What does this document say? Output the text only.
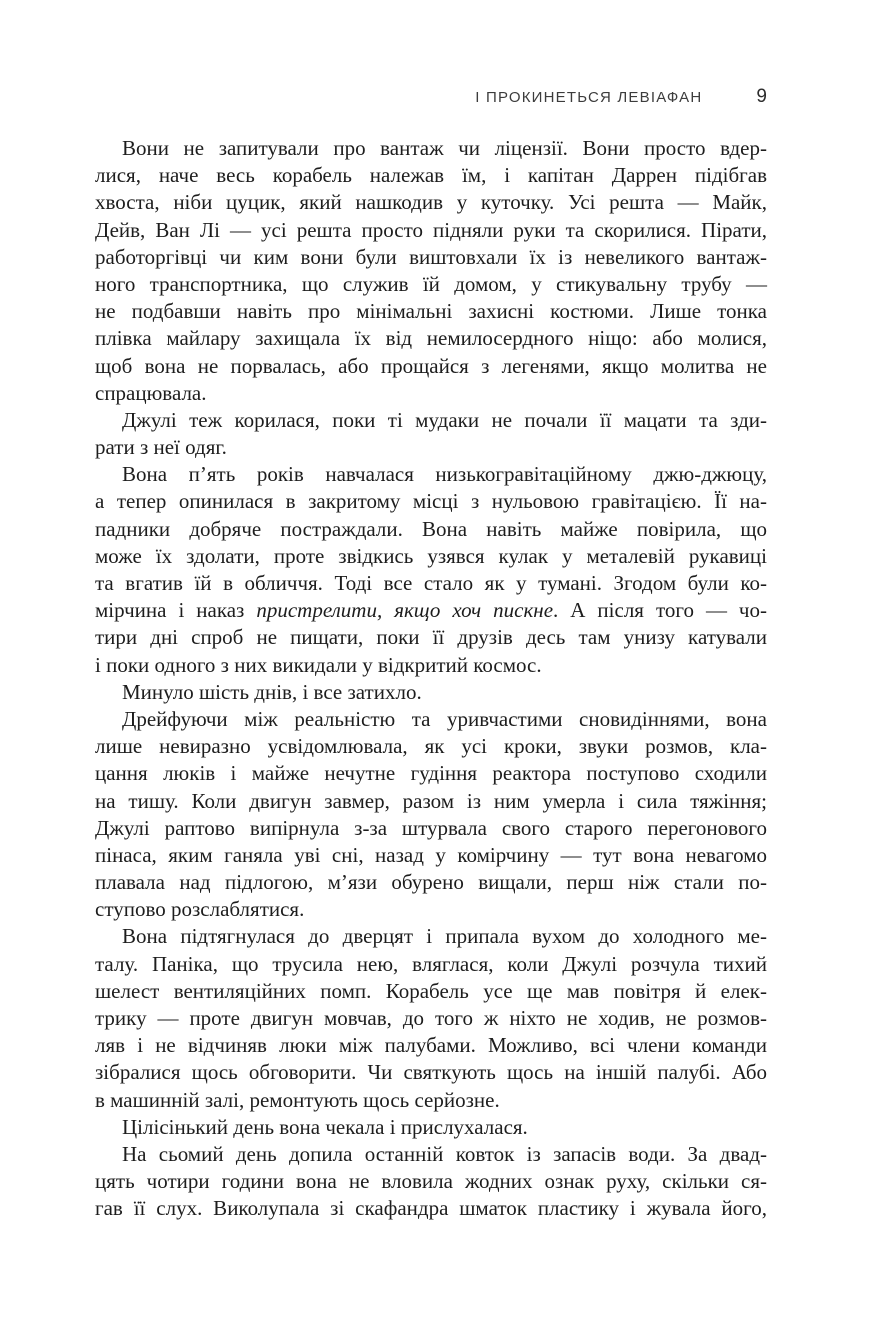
І ПРОКИНЕТЬСЯ ЛЕВІАФАН	9
Вони не запитували про вантаж чи ліцензії. Вони просто вдер-
лися, наче весь корабель належав їм, і капітан Даррен підібгав
хвоста, ніби цуцик, який нашкодив у куточку. Усі решта — Майк,
Дейв, Ван Лі — усі решта просто підняли руки та скорилися. Пірати,
работоргівці чи ким вони були виштовхали їх із невеликого вантаж-
ного транспортника, що служив їй домом, у стикувальну трубу —
не подбавши навіть про мінімальні захисні костюми. Лише тонка
плівка майлару захищала їх від немилосердного ніщо: або молися,
щоб вона не порвалась, або прощайся з легенями, якщо молитва не
спрацювала.
Джулі теж корилася, поки ті мудаки не почали її мацати та зди-
рати з неї одяг.
Вона п’ять років навчалася низькогравітаційному джю-джюцу,
а тепер опинилася в закритому місці з нульовою гравітацією. Її на-
падники добряче постраждали. Вона навіть майже повірила, що
може їх здолати, проте звідкись узявся кулак у металевій рукавиці
та вгатив їй в обличчя. Тоді все стало як у тумані. Згодом були ко-
мірчина і наказ пристрелити, якщо хоч пискне. А після того — чо-
тири дні спроб не пищати, поки її друзів десь там унизу катували
і поки одного з них викидали у відкритий космос.
Минуло шість днів, і все затихло.
Дрейфуючи між реальністю та уривчастими сновидіннями, вона
лише невиразно усвідомлювала, як усі кроки, звуки розмов, кла-
цання люків і майже нечутне гудіння реактора поступово сходили
на тишу. Коли двигун завмер, разом із ним умерла і сила тяжіння;
Джулі раптово випірнула з-за штурвала свого старого перегонового
пінаса, яким ганяла уві сні, назад у комірчину — тут вона невагомо
плавала над підлогою, м’язи обурено вищали, перш ніж стали по-
ступово розслаблятися.
Вона підтягнулася до дверцят і припала вухом до холодного ме-
талу. Паніка, що трусила нею, вляглася, коли Джулі розчула тихий
шелест вентиляційних помп. Корабель усе ще мав повітря й елек-
трику — проте двигун мовчав, до того ж ніхто не ходив, не розмов-
ляв і не відчиняв люки між палубами. Можливо, всі члени команди
зібралися щось обговорити. Чи святкують щось на іншій палубі. Або
в машинній залі, ремонтують щось серйозне.
Цілісінький день вона чекала і прислухалася.
На сьомий день допила останній ковток із запасів води. За двад-
цять чотири години вона не вловила жодних ознак руху, скільки ся-
гав її слух. Виколупала зі скафандра шматок пластику і жувала його,
